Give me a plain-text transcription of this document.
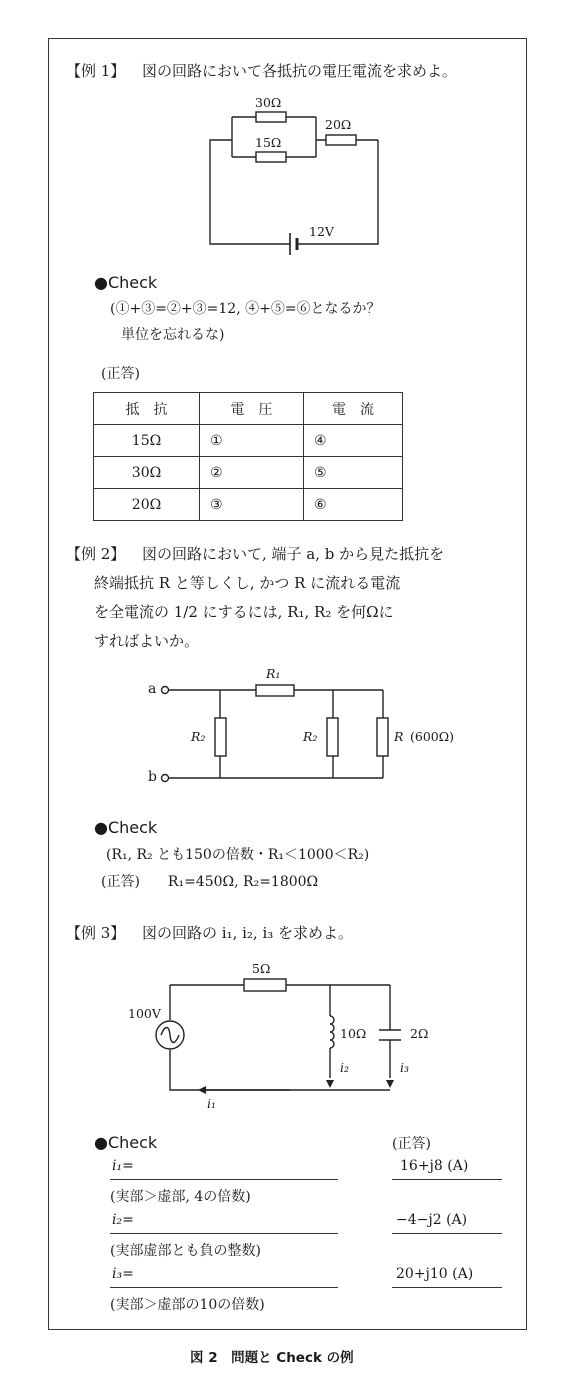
【例 1】 図の回路において各抵抗の電圧電流を求めよ。
30Ω
15Ω
20Ω
12V
●Check
(①+③=②+③=12, ④+⑤=⑥となるか？
単位を忘れるな)
(正答)
抵　抗	電　圧	電　流
15Ω	①	④
30Ω	②	⑤
20Ω	③	⑥
【例 2】 図の回路において, 端子 a, b から見た抵抗を
終端抵抗 R と等しくし, かつ R に流れる電流
を全電流の 1/2 にするには, R₁, R₂ を何Ωに
すればよいか。
a
b
R₁
R₂	R₂	R (600Ω)
●Check
(R₁, R₂ とも150の倍数・R₁＜1000＜R₂)
(正答)　　R₁=450Ω, R₂=1800Ω
【例 3】 図の回路の i₁, i₂, i₃ を求めよ。
5Ω
100V
10Ω	2Ω
i₂	i₃
i₁
●Check	(正答)
i₁=	16+j8 (A)
(実部＞虚部, 4の倍数)
i₂=	−4−j2 (A)
(実部虚部とも負の整数)
i₃=	20+j10 (A)
(実部＞虚部の10の倍数)
図 2　問題と Check の例
